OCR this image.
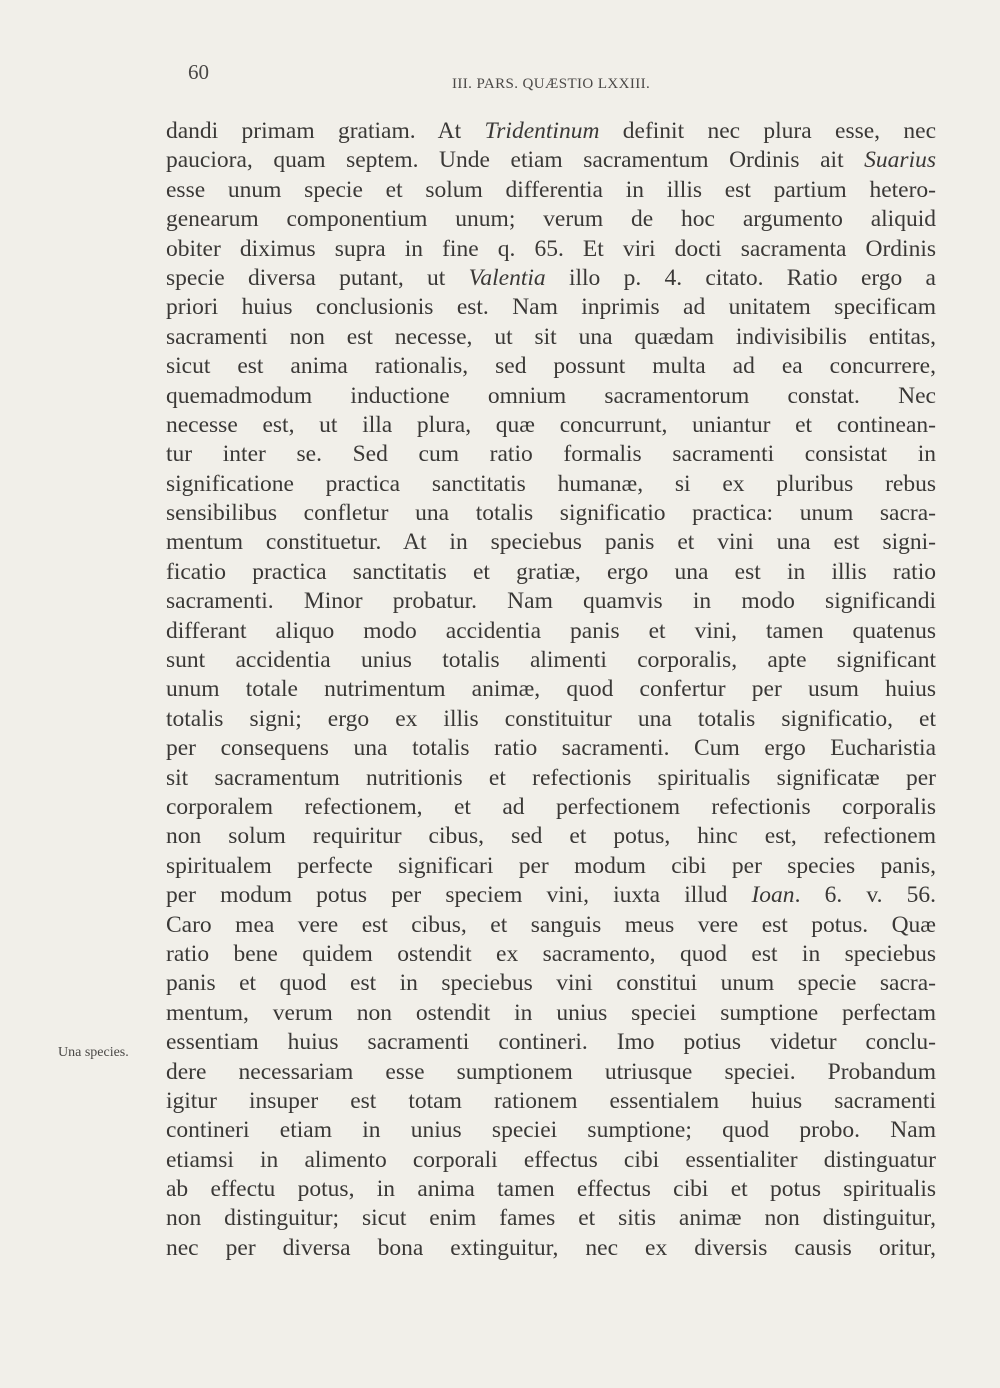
60	III. PARS. QUÆSTIO LXXIII.
Una species.
dandi primam gratiam. At Tridentinum definit nec plura esse, nec
pauciora, quam septem. Unde etiam sacramentum Ordinis ait Suarius
esse unum specie et solum differentia in illis est partium hetero-
genearum componentium unum; verum de hoc argumento aliquid
obiter diximus supra in fine q. 65. Et viri docti sacramenta Ordinis
specie diversa putant, ut Valentia illo p. 4. citato. Ratio ergo a
priori huius conclusionis est. Nam inprimis ad unitatem specificam
sacramenti non est necesse, ut sit una quædam indivisibilis entitas,
sicut est anima rationalis, sed possunt multa ad ea concurrere,
quemadmodum inductione omnium sacramentorum constat. Nec
necesse est, ut illa plura, quæ concurrunt, uniantur et continean-
tur inter se. Sed cum ratio formalis sacramenti consistat in
significatione practica sanctitatis humanæ, si ex pluribus rebus
sensibilibus confletur una totalis significatio practica: unum sacra-
mentum constituetur. At in speciebus panis et vini una est signi-
ficatio practica sanctitatis et gratiæ, ergo una est in illis ratio
sacramenti. Minor probatur. Nam quamvis in modo significandi
differant aliquo modo accidentia panis et vini, tamen quatenus
sunt accidentia unius totalis alimenti corporalis, apte significant
unum totale nutrimentum animæ, quod confertur per usum huius
totalis signi; ergo ex illis constituitur una totalis significatio, et
per consequens una totalis ratio sacramenti. Cum ergo Eucharistia
sit sacramentum nutritionis et refectionis spiritualis significatæ per
corporalem refectionem, et ad perfectionem refectionis corporalis
non solum requiritur cibus, sed et potus, hinc est, refectionem
spiritualem perfecte significari per modum cibi per species panis,
per modum potus per speciem vini, iuxta illud Ioan. 6. v. 56.
Caro mea vere est cibus, et sanguis meus vere est potus. Quæ
ratio bene quidem ostendit ex sacramento, quod est in speciebus
panis et quod est in speciebus vini constitui unum specie sacra-
mentum, verum non ostendit in unius speciei sumptione perfectam
essentiam huius sacramenti contineri. Imo potius videtur conclu-
dere necessariam esse sumptionem utriusque speciei. Probandum
igitur insuper est totam rationem essentialem huius sacramenti
contineri etiam in unius speciei sumptione; quod probo. Nam
etiamsi in alimento corporali effectus cibi essentialiter distinguatur
ab effectu potus, in anima tamen effectus cibi et potus spiritualis
non distinguitur; sicut enim fames et sitis animæ non distinguitur,
nec per diversa bona extinguitur, nec ex diversis causis oritur,
